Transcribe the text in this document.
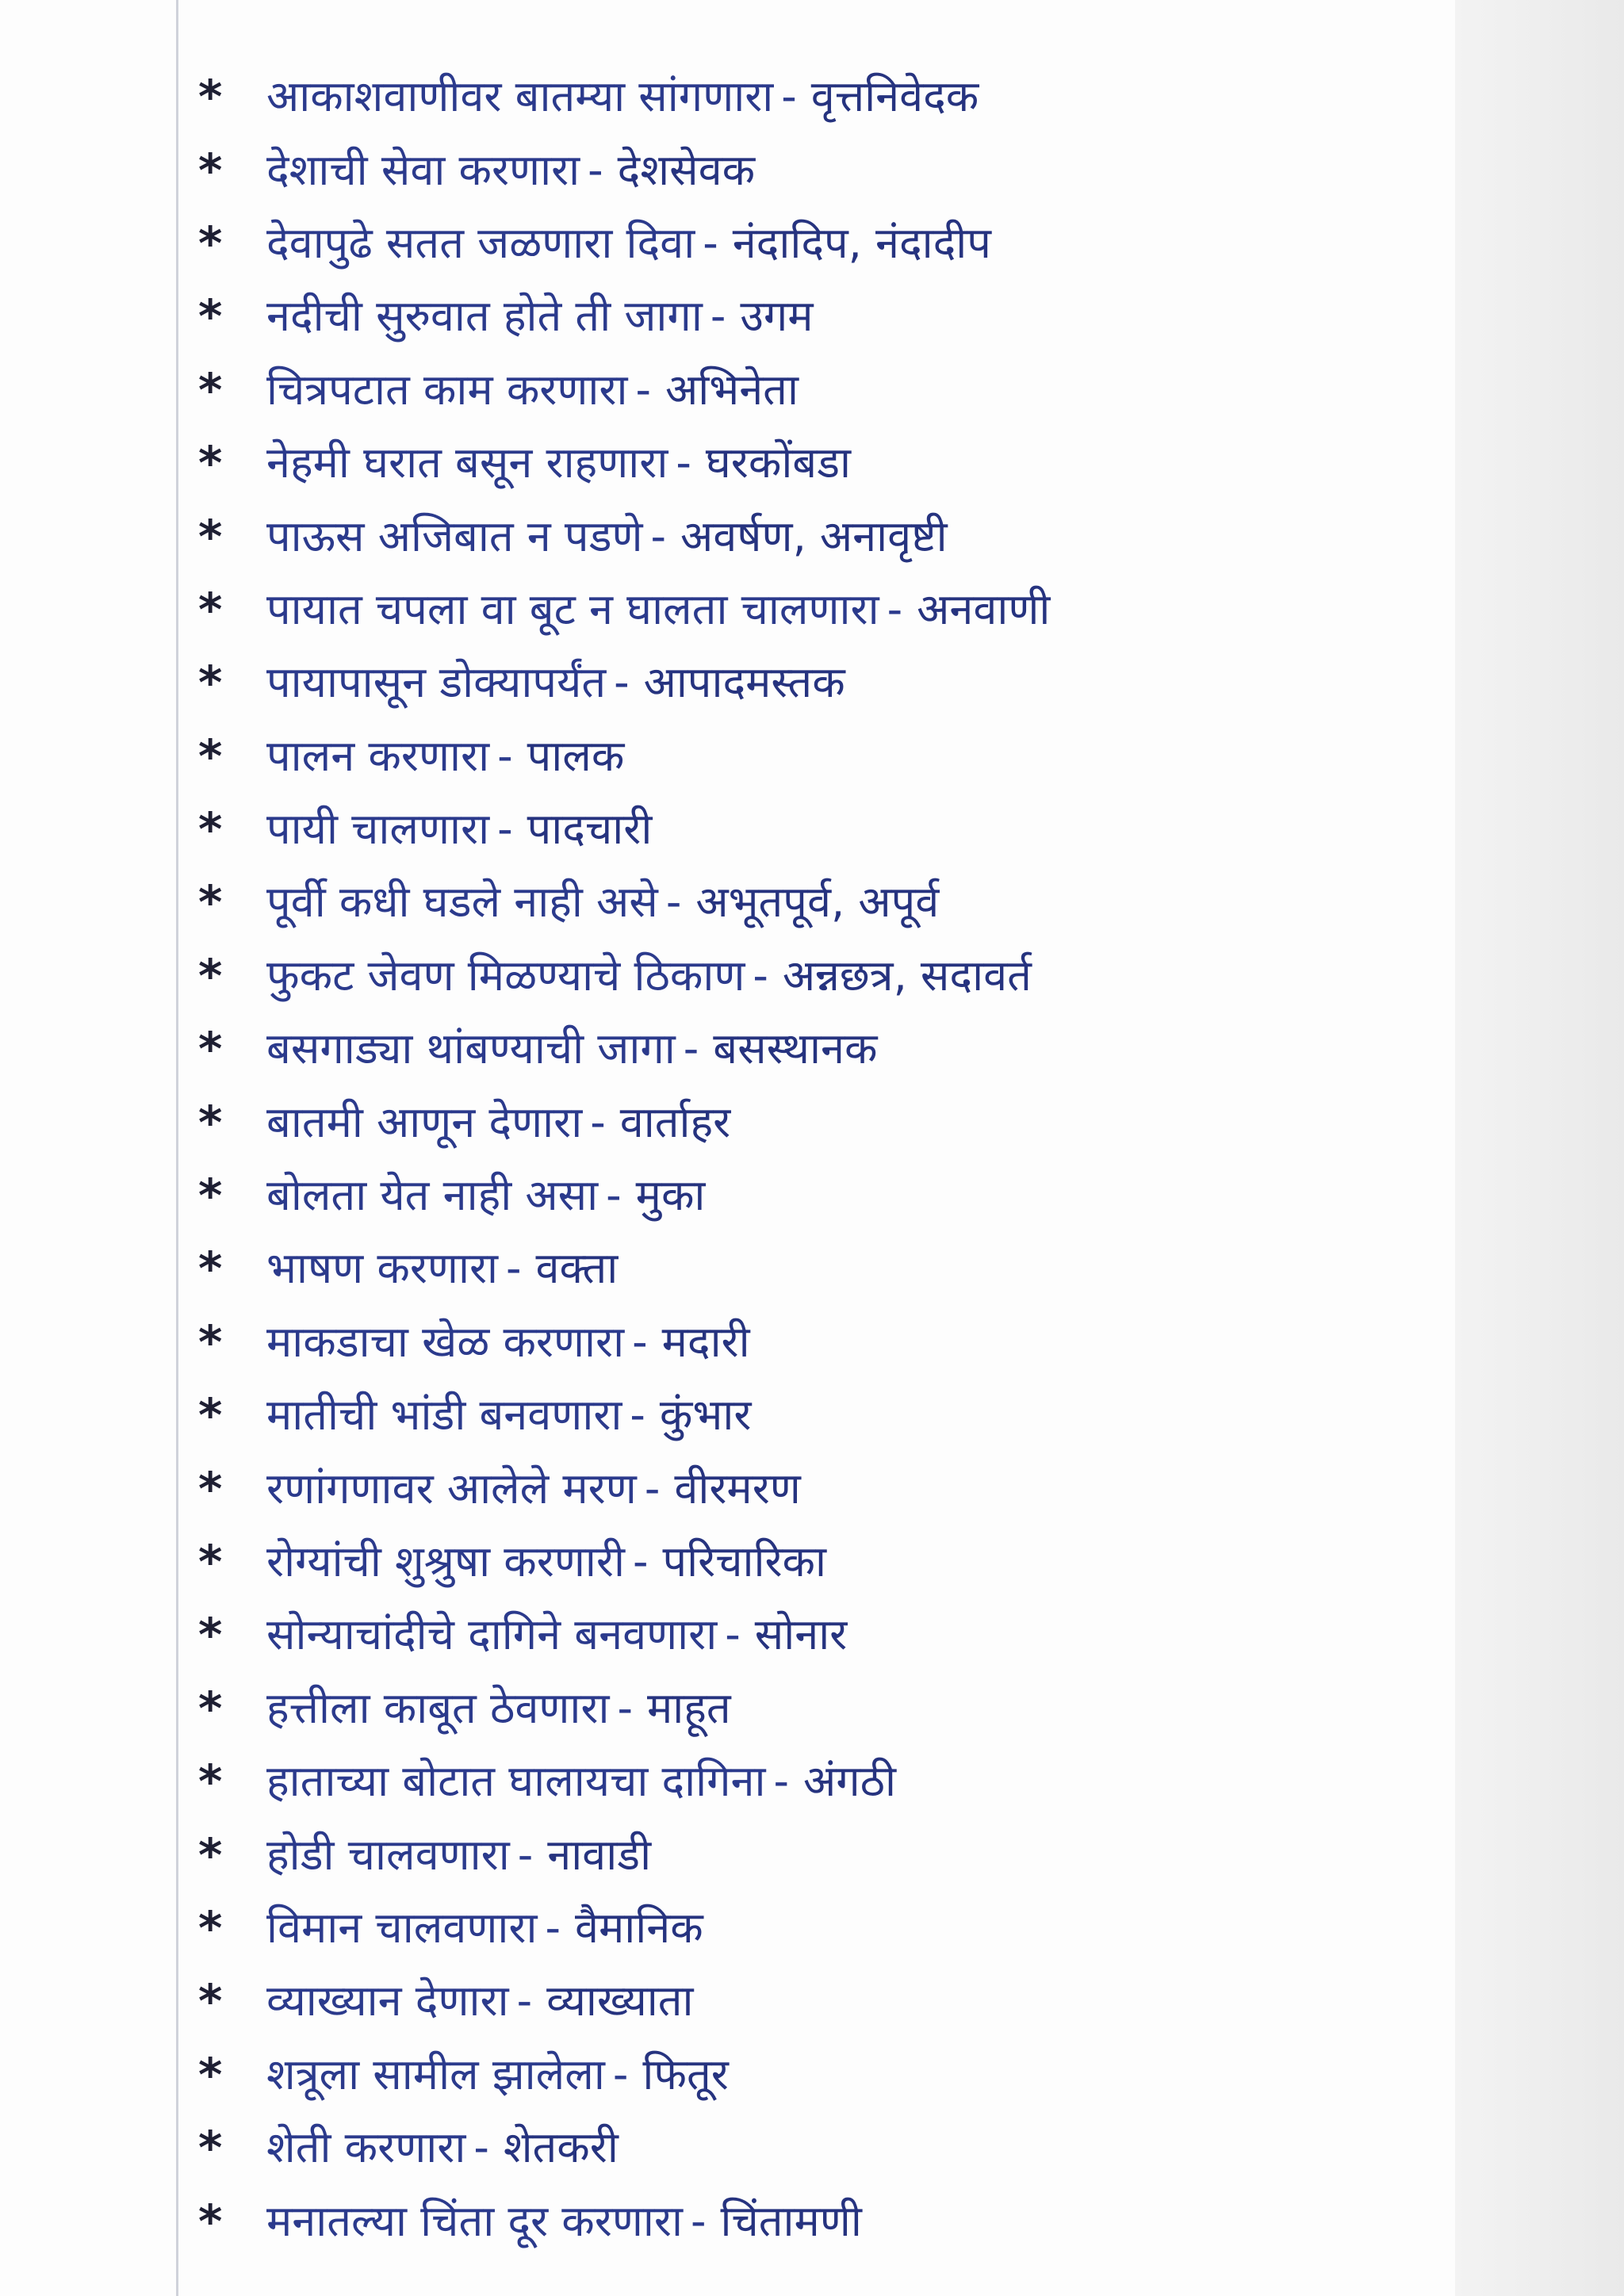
*	आकाशवाणीवर बातम्या सांगणारा - वृत्तनिवेदक
*	देशाची सेवा करणारा - देशसेवक
*	देवापुढे सतत जळणारा दिवा - नंदादिप, नंदादीप
*	नदीची सुरुवात होते ती जागा - उगम
*	चित्रपटात काम करणारा - अभिनेता
*	नेहमी घरात बसून राहणारा - घरकोंबडा
*	पाऊस अजिबात न पडणे - अवर्षण, अनावृष्टी
*	पायात चपला वा बूट न घालता चालणारा - अनवाणी
*	पायापासून डोक्यापर्यंत - आपादमस्तक
*	पालन करणारा - पालक
*	पायी चालणारा - पादचारी
*	पूर्वी कधी घडले नाही असे - अभूतपूर्व, अपूर्व
*	फुकट जेवण मिळण्याचे ठिकाण - अन्नछत्र, सदावर्त
*	बसगाड्या थांबण्याची जागा - बसस्थानक
*	बातमी आणून देणारा - वार्ताहर
*	बोलता येत नाही असा - मुका
*	भाषण करणारा - वक्ता
*	माकडाचा खेळ करणारा - मदारी
*	मातीची भांडी बनवणारा - कुंभार
*	रणांगणावर आलेले मरण - वीरमरण
*	रोग्यांची शुश्रुषा करणारी - परिचारिका
*	सोन्याचांदीचे दागिने बनवणारा - सोनार
*	हत्तीला काबूत ठेवणारा - माहूत
*	हाताच्या बोटात घालायचा दागिना - अंगठी
*	होडी चालवणारा - नावाडी
*	विमान चालवणारा - वैमानिक
*	व्याख्यान देणारा - व्याख्याता
*	शत्रूला सामील झालेला - फितूर
*	शेती करणारा - शेतकरी
*	मनातल्या चिंता दूर करणारा - चिंतामणी
